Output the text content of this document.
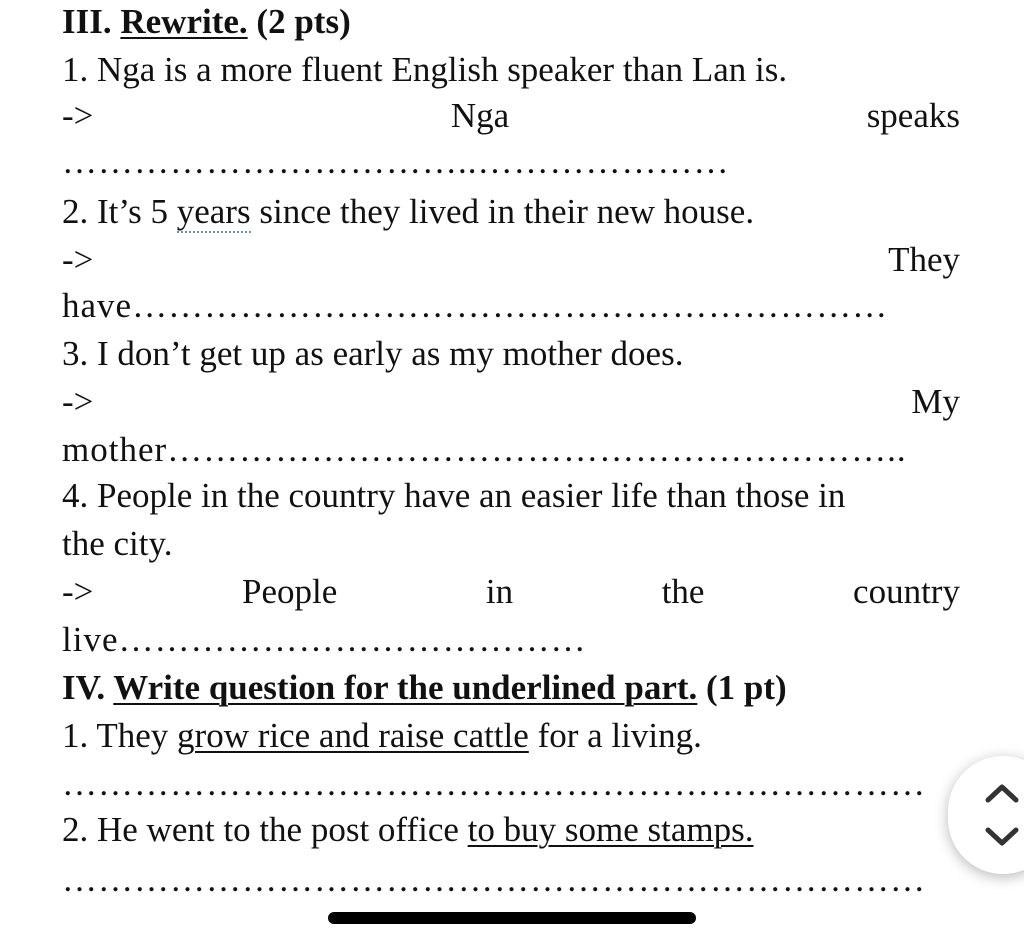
III. Rewrite. (2 pts)
1. Nga is a more fluent English speaker than Lan is.
->	Nga	speaks
……………………………..…………………
2. It’s 5 years since they lived in their new house.
->	They
have………………………………………………………
3. I don’t get up as early as my mother does.
->	My
mother……………………………………………………..
4. People in the country have an easier life than those in
the city.
->	People	in	the	country
live…………………………………
IV. Write question for the underlined part. (1 pt)
1. They grow rice and raise cattle for a living.
………………………………………………………………
2. He went to the post office to buy some stamps.
………………………………………………………………
